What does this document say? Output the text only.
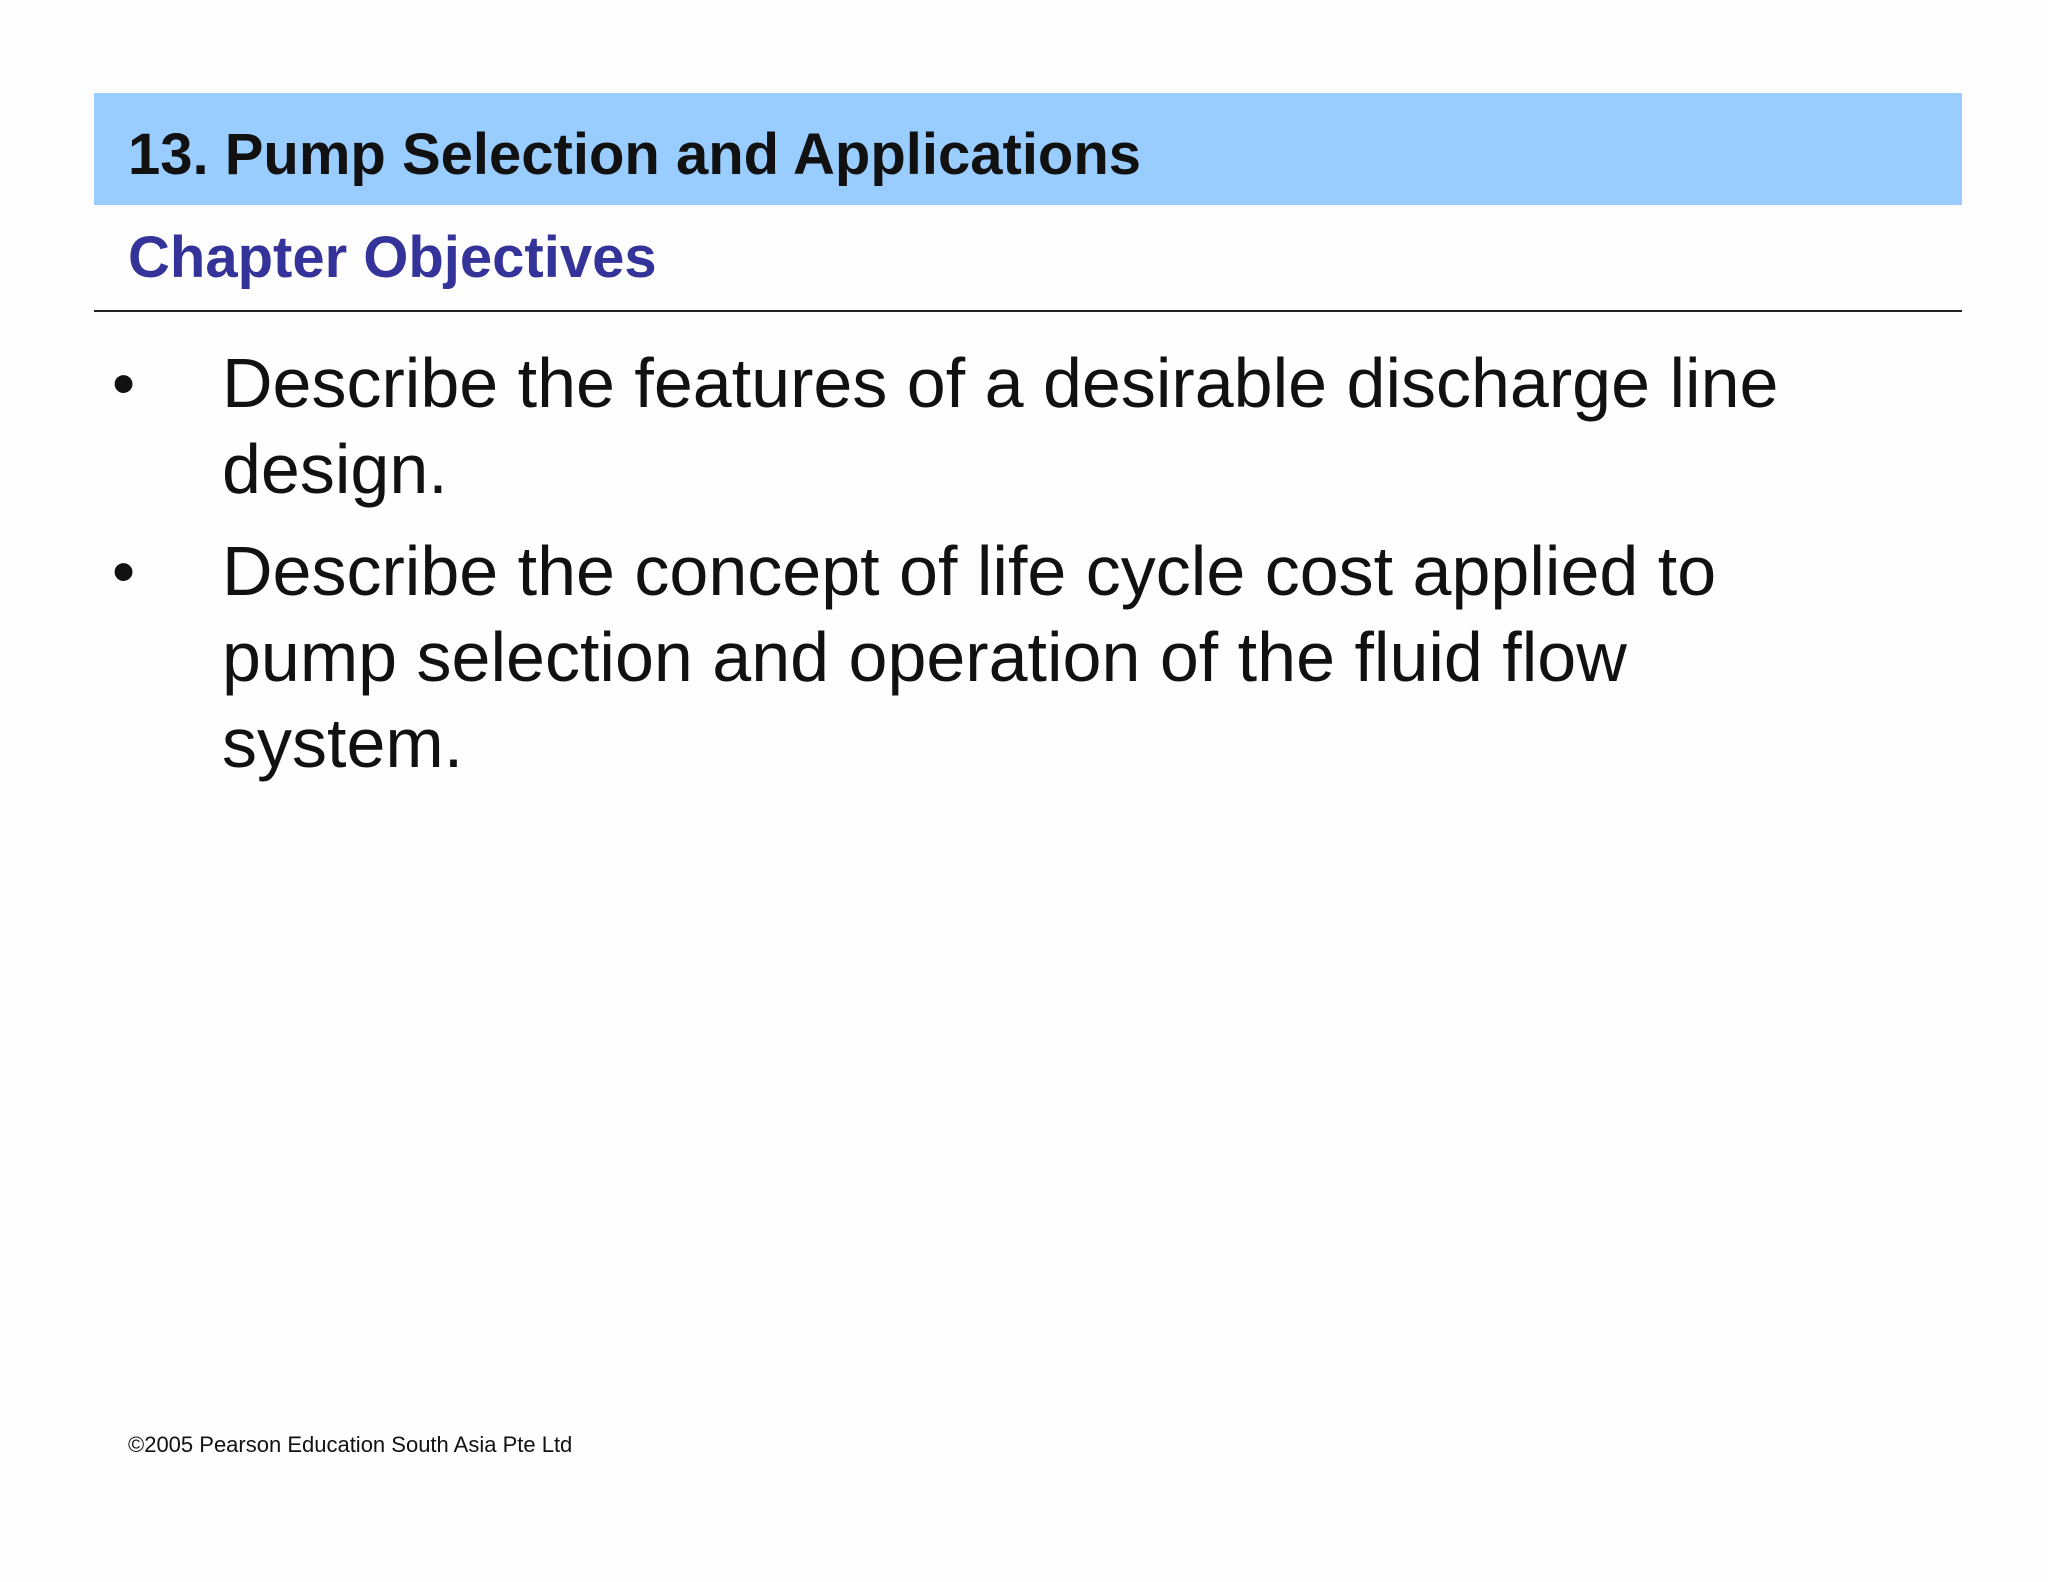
13. Pump Selection and Applications
Chapter Objectives
• Describe the features of a desirable discharge line design.
• Describe the concept of life cycle cost applied to pump selection and operation of the fluid flow system.

©2005 Pearson Education South Asia Pte Ltd
